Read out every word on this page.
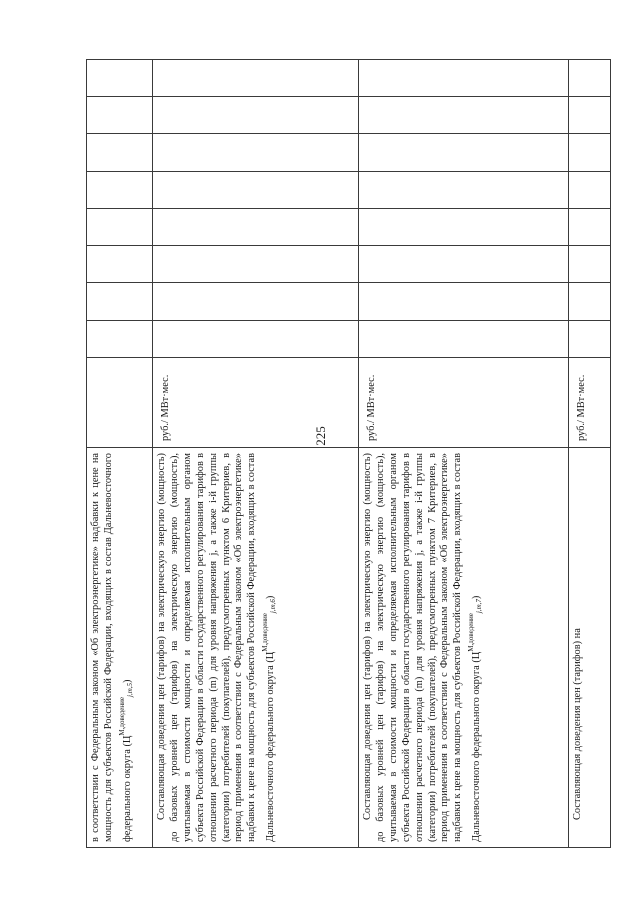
225

в соответствии с Федеральным законом «Об электроэнергетике» надбавки к цене на мощность для субъектов Российской Федерации, входящих в состав Дальневосточного федерального округа $(Ц^{М,доведение}_{j,m,5})$									

Составляющая доведения цен (тарифов) на электрическую энергию (мощность) до базовых уровней цен (тарифов) на электрическую энергию (мощность), учитываемая в стоимости мощности и определяемая исполнительным органом субъекта Российской Федерации в области государственного регулирования тарифов в отношении расчетного периода (m) для уровня напряжения j, а также i-й группы (категории) потребителей (покупателей), предусмотренных пунктом 6 Критериев, в период применения в соответствии с Федеральным законом «Об электроэнергетике» надбавки к цене на мощность для субъектов Российской Федерации, входящих в состав Дальневосточного федерального округа $(Ц^{М,доведение}_{j,m,6})$	руб./ МВт·мес.								

Составляющая доведения цен (тарифов) на электрическую энергию (мощность) до базовых уровней цен (тарифов) на электрическую энергию (мощность), учитываемая в стоимости мощности и определяемая исполнительным органом субъекта Российской Федерации в области государственного регулирования тарифов в отношении расчетного периода (m) для уровня напряжения j, а также i-й группы (категории) потребителей (покупателей), предусмотренных пунктом 7 Критериев, в период применения в соответствии с Федеральным законом «Об электроэнергетике» надбавки к цене на мощность для субъектов Российской Федерации, входящих в состав Дальневосточного федерального округа $(Ц^{М,доведение}_{j,m,7})$	руб./ МВт·мес.								

Составляющая доведения цен (тарифов) на	руб./ МВт·мес.								
